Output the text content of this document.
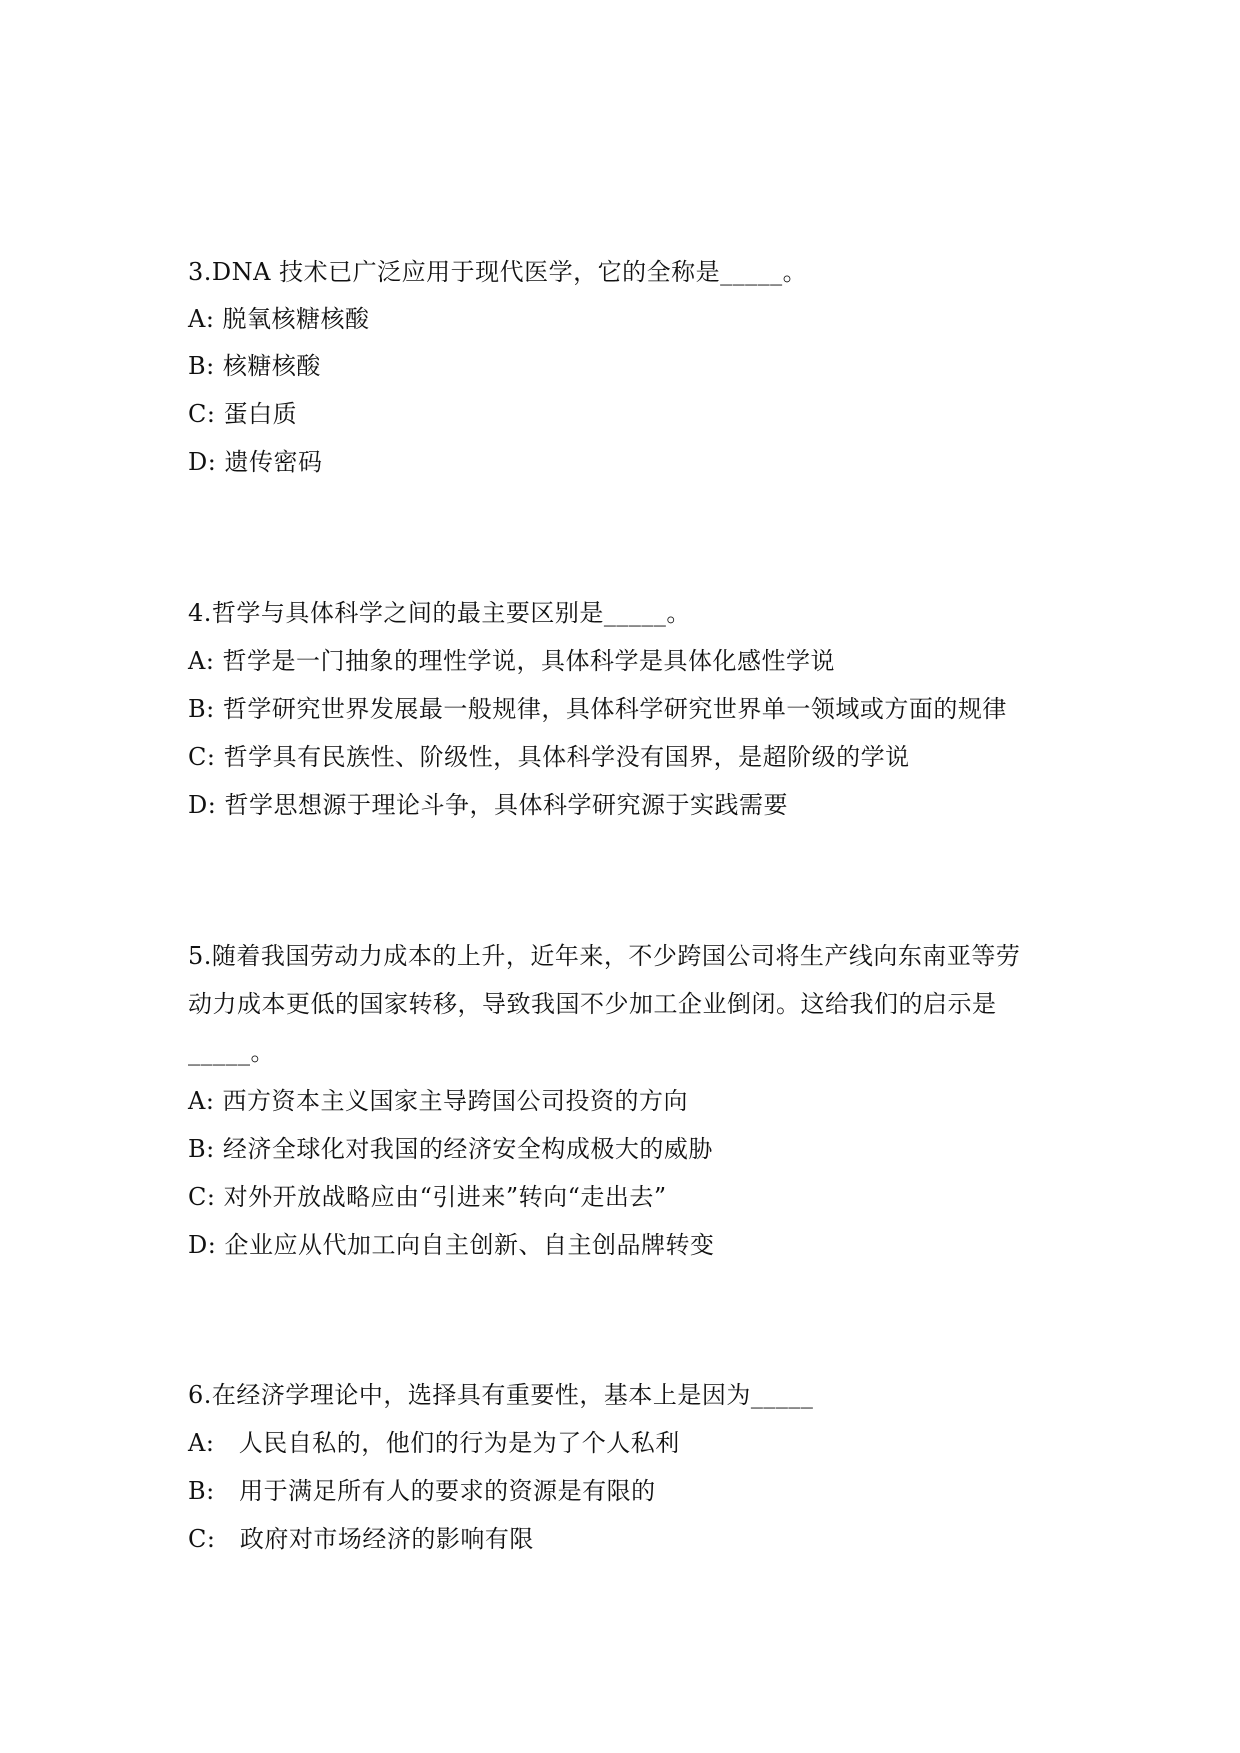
3.DNA 技术已广泛应用于现代医学，它的全称是_____。
A: 脱氧核糖核酸
B: 核糖核酸
C: 蛋白质
D: 遗传密码
4.哲学与具体科学之间的最主要区别是_____。
A: 哲学是一门抽象的理性学说，具体科学是具体化感性学说
B: 哲学研究世界发展最一般规律，具体科学研究世界单一领域或方面的规律
C: 哲学具有民族性、阶级性，具体科学没有国界，是超阶级的学说
D: 哲学思想源于理论斗争，具体科学研究源于实践需要
5.随着我国劳动力成本的上升，近年来，不少跨国公司将生产线向东南亚等劳
动力成本更低的国家转移，导致我国不少加工企业倒闭。这给我们的启示是
_____。
A: 西方资本主义国家主导跨国公司投资的方向
B: 经济全球化对我国的经济安全构成极大的威胁
C: 对外开放战略应由“引进来”转向“走出去”
D: 企业应从代加工向自主创新、自主创品牌转变
6.在经济学理论中，选择具有重要性，基本上是因为_____
A:   人民自私的，他们的行为是为了个人私利
B:   用于满足所有人的要求的资源是有限的
C:   政府对市场经济的影响有限
